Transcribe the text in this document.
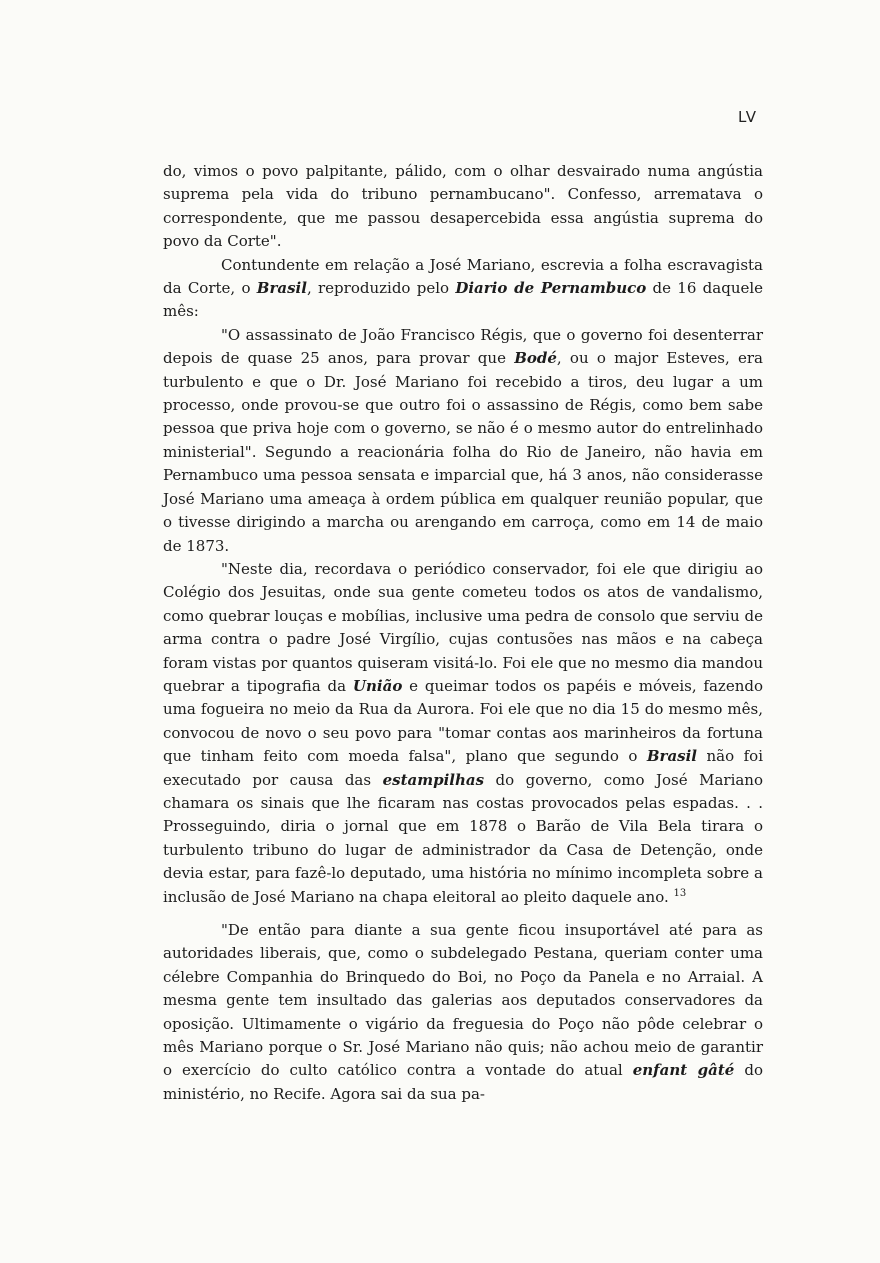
LV

do, vimos o povo palpitante, pálido, com o olhar desvairado numa angústia suprema pela vida do tribuno pernambucano". Confesso, arrematava o correspondente, que me passou desapercebida essa angústia suprema do povo da Corte".

Contundente em relação a José Mariano, escrevia a folha escravagista da Corte, o Brasil, reproduzido pelo Diario de Pernambuco de 16 daquele mês:

"O assassinato de João Francisco Régis, que o governo foi desenterrar depois de quase 25 anos, para provar que Bodé, ou o major Esteves, era turbulento e que o Dr. José Mariano foi recebido a tiros, deu lugar a um processo, onde provou-se que outro foi o assassino de Régis, como bem sabe pessoa que priva hoje com o governo, se não é o mesmo autor do entrelinhado ministerial". Segundo a reacionária folha do Rio de Janeiro, não havia em Pernambuco uma pessoa sensata e imparcial que, há 3 anos, não considerasse José Mariano uma ameaça à ordem pública em qualquer reunião popular, que o tivesse dirigindo a marcha ou arengando em carroça, como em 14 de maio de 1873.

"Neste dia, recordava o periódico conservador, foi ele que dirigiu ao Colégio dos Jesuitas, onde sua gente cometeu todos os atos de vandalismo, como quebrar louças e mobílias, inclusive uma pedra de consolo que serviu de arma contra o padre José Virgílio, cujas contusões nas mãos e na cabeça foram vistas por quantos quiseram visitá-lo. Foi ele que no mesmo dia mandou quebrar a tipografia da União e queimar todos os papéis e móveis, fazendo uma fogueira no meio da Rua da Aurora. Foi ele que no dia 15 do mesmo mês, convocou de novo o seu povo para "tomar contas aos marinheiros da fortuna que tinham feito com moeda falsa", plano que segundo o Brasil não foi executado por causa das estampilhas do governo, como José Mariano chamara os sinais que lhe ficaram nas costas provocados pelas espadas. . . Prosseguindo, diria o jornal que em 1878 o Barão de Vila Bela tirara o turbulento tribuno do lugar de administrador da Casa de Detenção, onde devia estar, para fazê-lo deputado, uma história no mínimo incompleta sobre a inclusão de José Mariano na chapa eleitoral ao pleito daquele ano. $^{13}$

"De então para diante a sua gente ficou insuportável até para as autoridades liberais, que, como o subdelegado Pestana, queriam conter uma célebre Companhia do Brinquedo do Boi, no Poço da Panela e no Arraial. A mesma gente tem insultado das galerias aos deputados conservadores da oposição. Ultimamente o vigário da freguesia do Poço não pôde celebrar o mês Mariano porque o Sr. José Mariano não quis; não achou meio de garantir o exercício do culto católico contra a vontade do atual enfant gâté do ministério, no Recife. Agora sai da sua pa-
